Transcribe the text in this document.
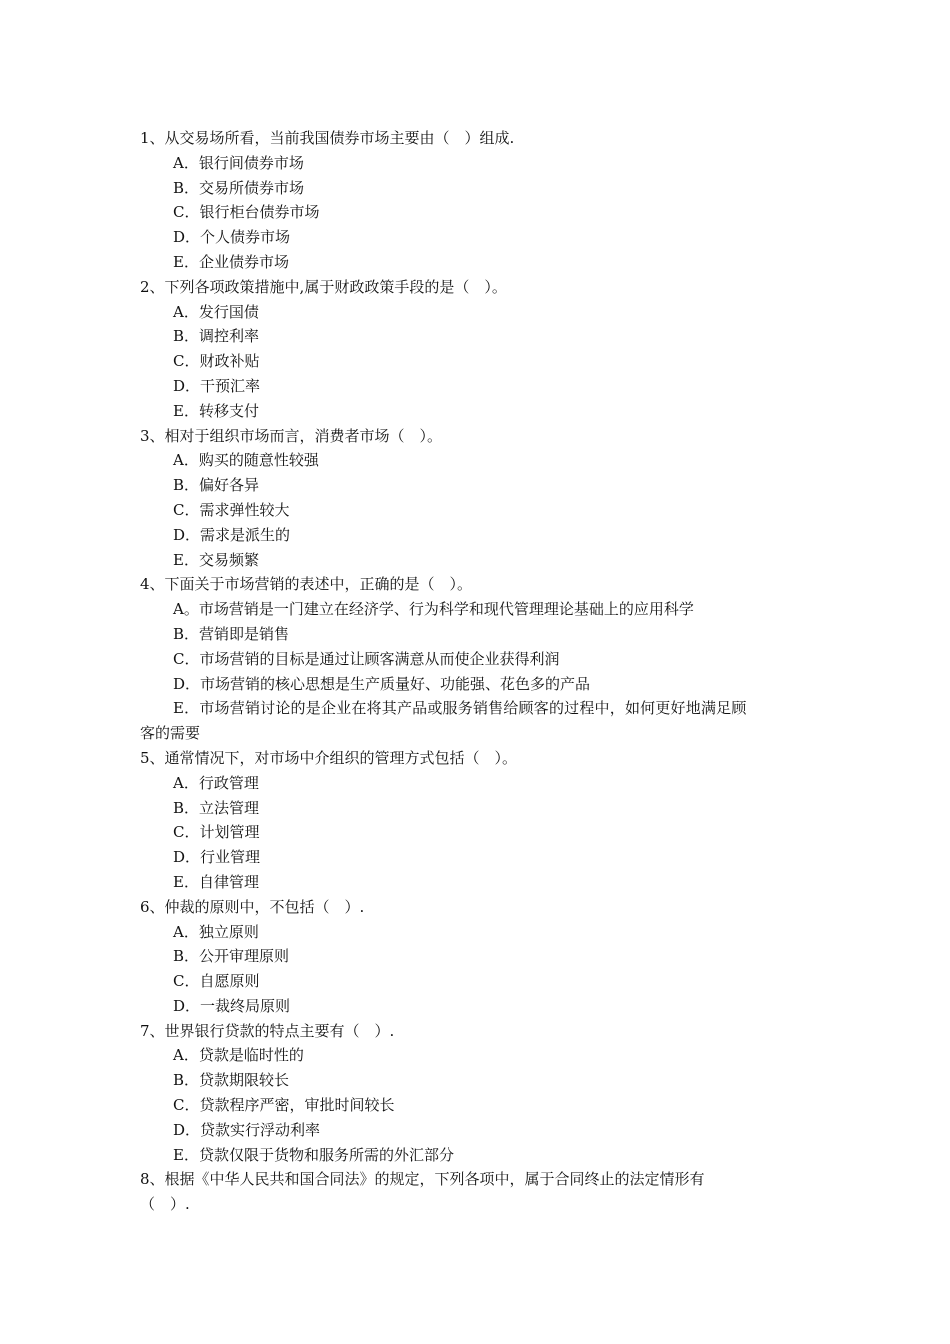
1、从交易场所看，当前我国债券市场主要由（　）组成.
A．银行间债券市场
B．交易所债券市场
C．银行柜台债券市场
D．个人债券市场
E．企业债券市场
2、下列各项政策措施中,属于财政政策手段的是（　）。
A．发行国债
B．调控利率
C．财政补贴
D．干预汇率
E．转移支付
3、相对于组织市场而言，消费者市场（　）。
A．购买的随意性较强
B．偏好各异
C．需求弹性较大
D．需求是派生的
E．交易频繁
4、下面关于市场营销的表述中，正确的是（　）。
A。市场营销是一门建立在经济学、行为科学和现代管理理论基础上的应用科学
B．营销即是销售
C．市场营销的目标是通过让顾客满意从而使企业获得利润
D．市场营销的核心思想是生产质量好、功能强、花色多的产品
E．市场营销讨论的是企业在将其产品或服务销售给顾客的过程中，如何更好地满足顾
客的需要
5、通常情况下，对市场中介组织的管理方式包括（　）。
A．行政管理
B．立法管理
C．计划管理
D．行业管理
E．自律管理
6、仲裁的原则中，不包括（　）.
A．独立原则
B．公开审理原则
C．自愿原则
D．一裁终局原则
7、世界银行贷款的特点主要有（　）.
A．贷款是临时性的
B．贷款期限较长
C．贷款程序严密，审批时间较长
D．贷款实行浮动利率
E．贷款仅限于货物和服务所需的外汇部分
8、根据《中华人民共和国合同法》的规定，下列各项中，属于合同终止的法定情形有
（　）.
